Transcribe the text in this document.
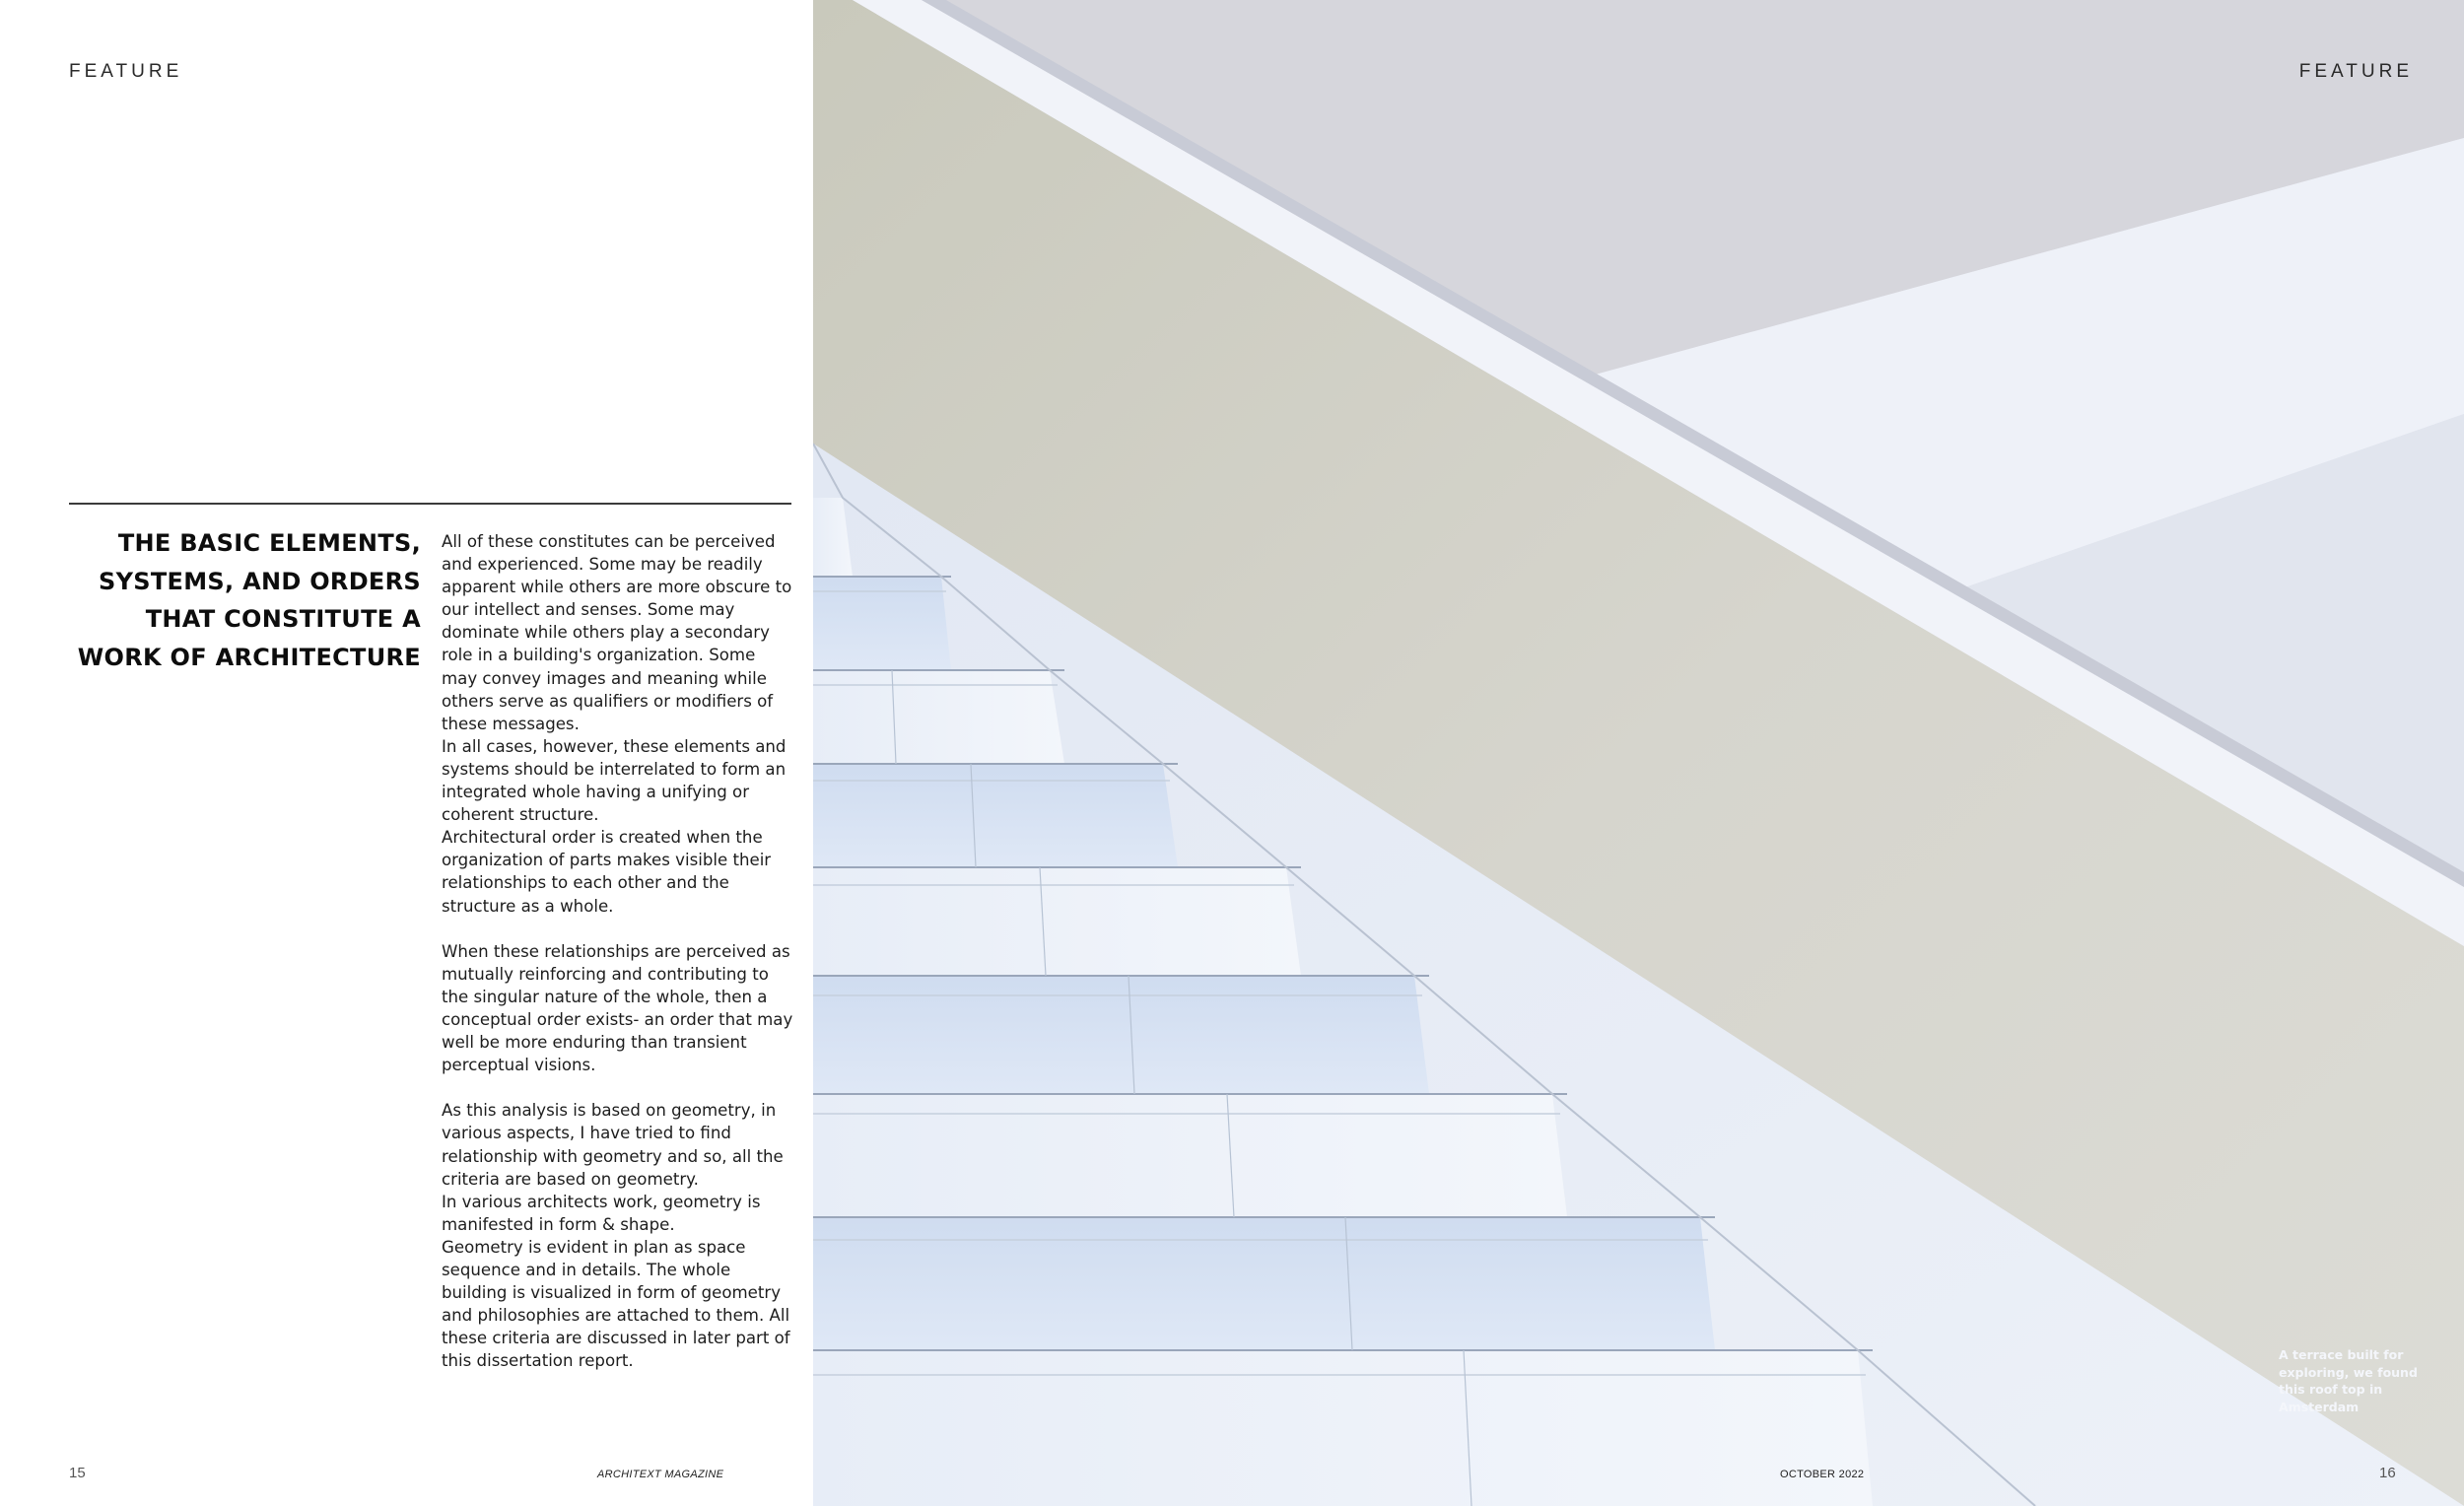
FEATURE

THE BASIC ELEMENTS, SYSTEMS, AND ORDERS THAT CONSTITUTE A WORK OF ARCHITECTURE

All of these constitutes can be perceived and experienced. Some may be readily apparent while others are more obscure to our intellect and senses. Some may dominate while others play a secondary role in a building's organization. Some may convey images and meaning while others serve as qualifiers or modifiers of these messages.

In all cases, however, these elements and systems should be interrelated to form an integrated whole having a unifying or coherent structure.

Architectural order is created when the organization of parts makes visible their relationships to each other and the structure as a whole.

When these relationships are perceived as mutually reinforcing and contributing to the singular nature of the whole, then a conceptual order exists- an order that may well be more enduring than transient perceptual visions.

As this analysis is based on geometry, in various aspects, I have tried to find relationship with geometry and so, all the criteria are based on geometry.

In various architects work, geometry is manifested in form & shape.

Geometry is evident in plan as space sequence and in details. The whole building is visualized in form of geometry and philosophies are attached to them. All these criteria are discussed in later part of this dissertation report.

15	ARCHITEXT MAGAZINE

FEATURE

A terrace built for exploring, we found this roof top in Amsterdam

OCTOBER 2022	16
